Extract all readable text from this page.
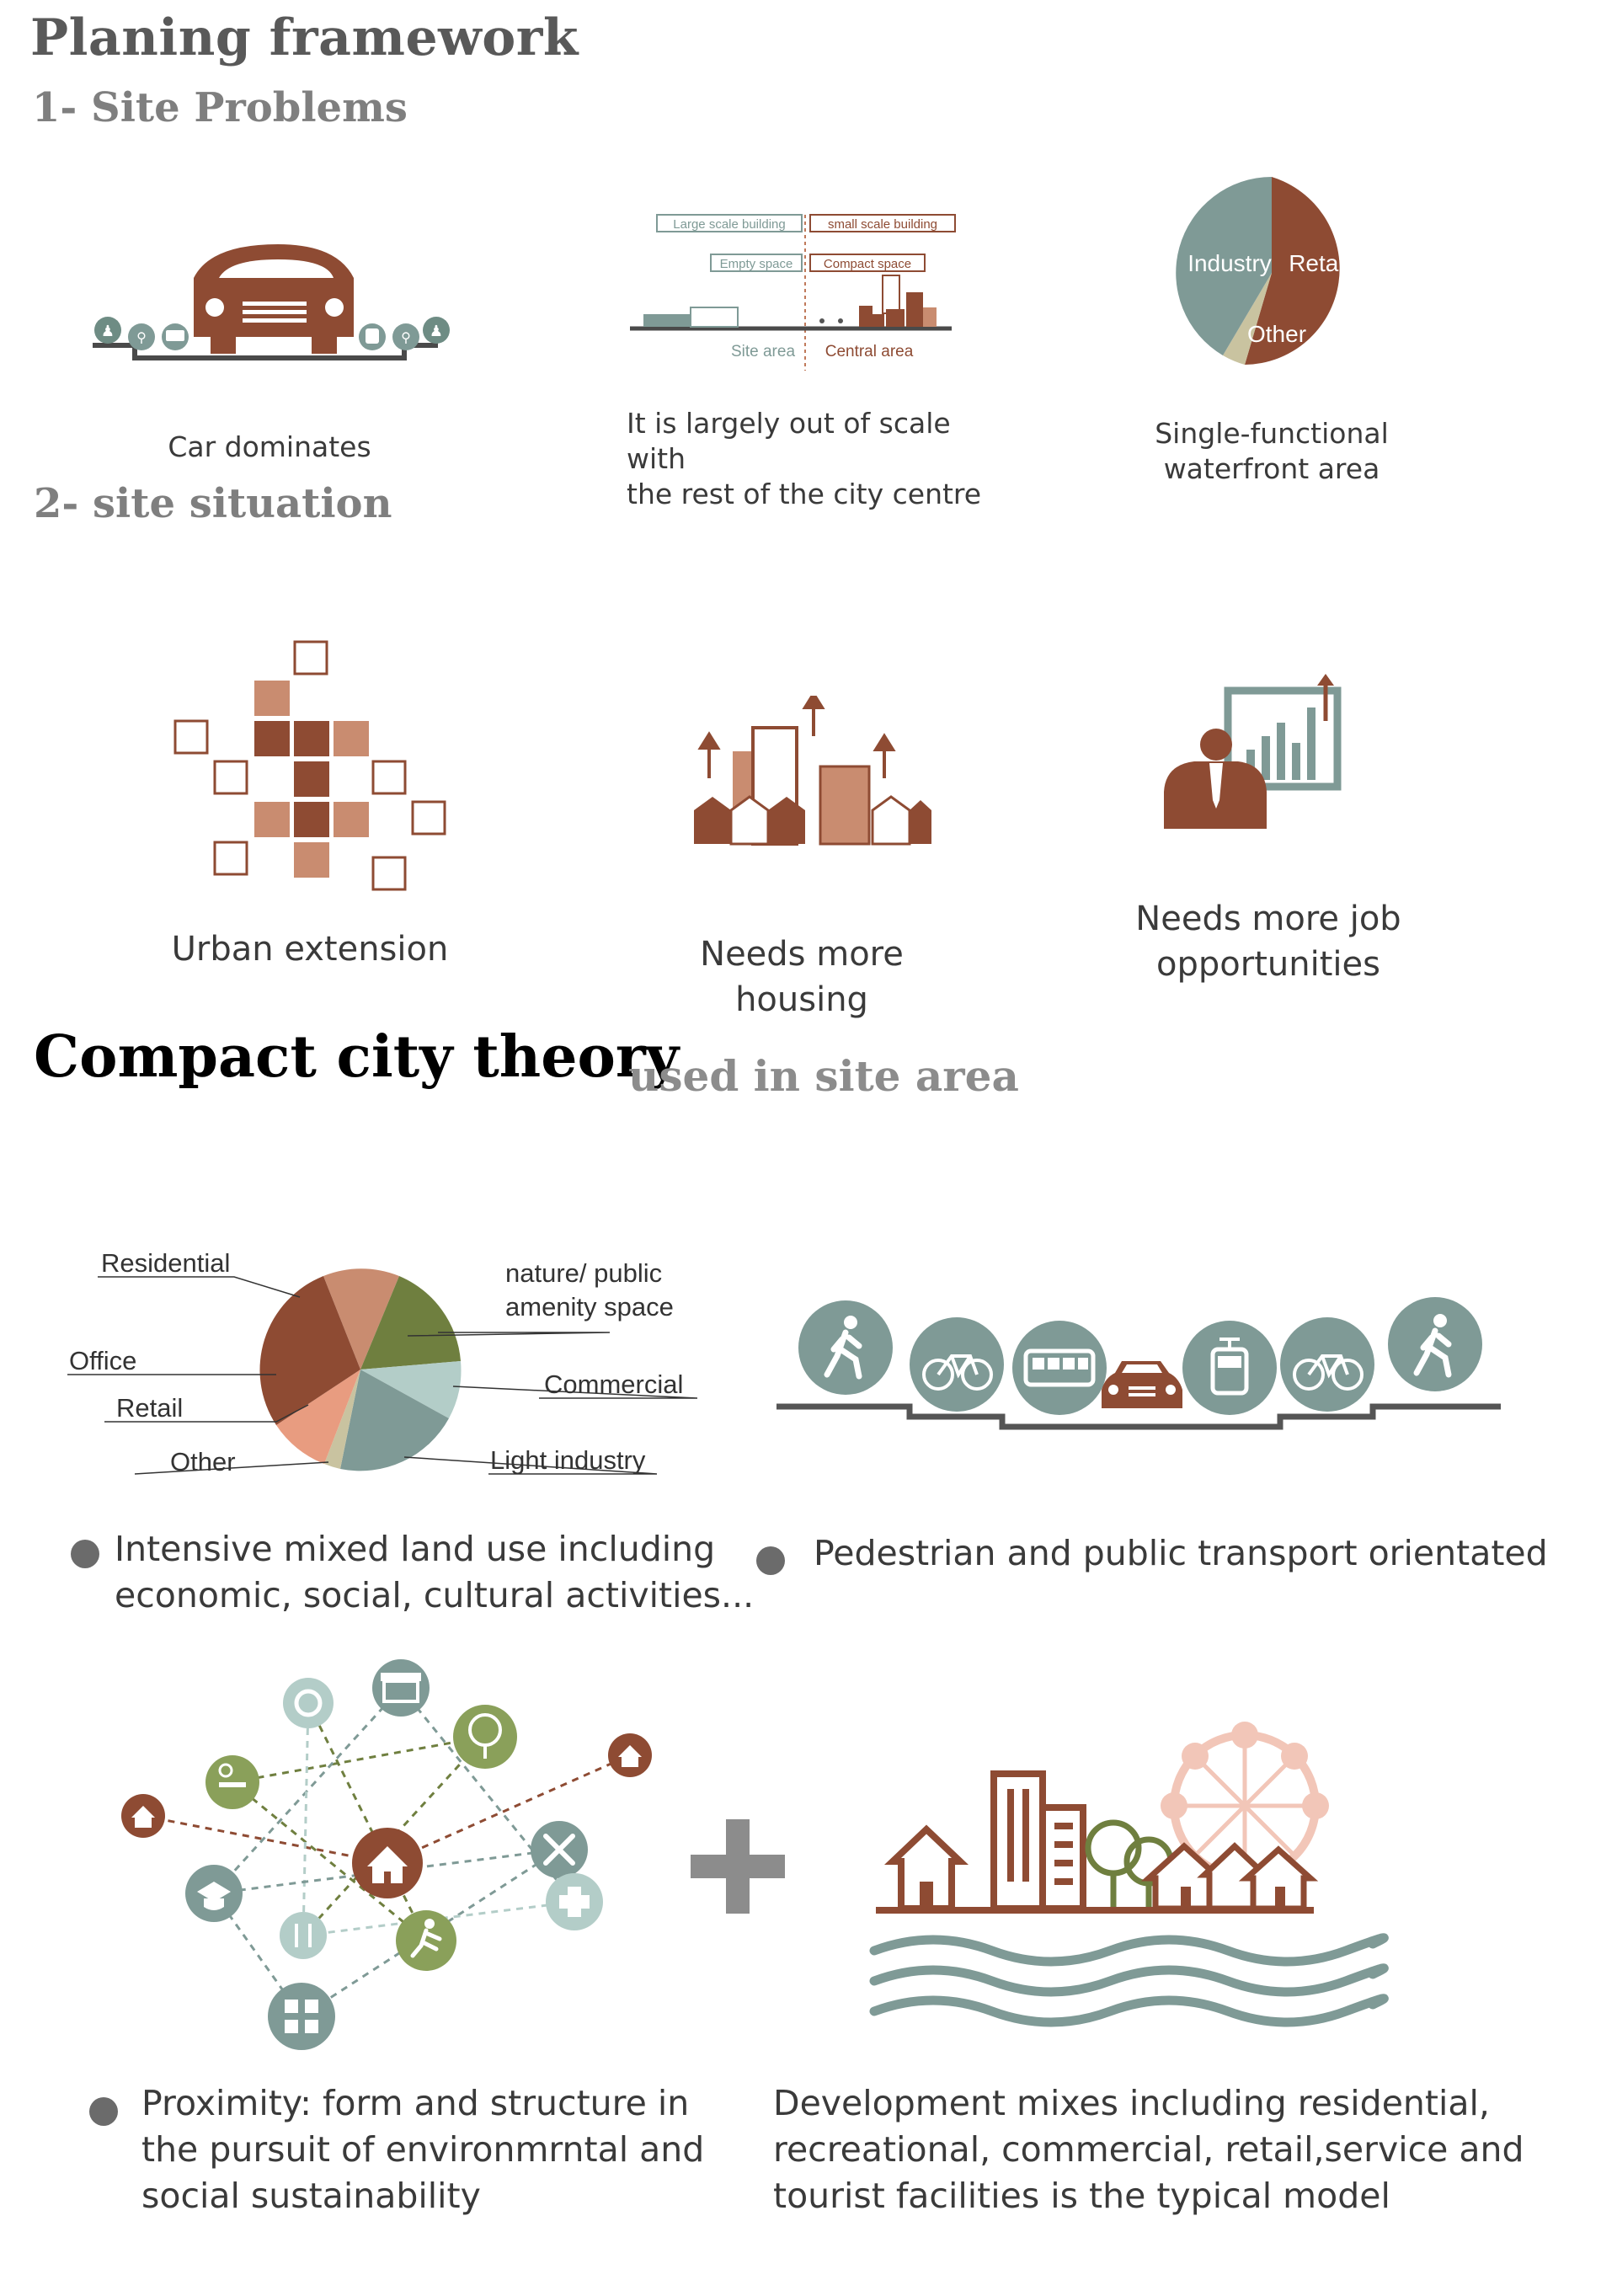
Planing framework
1- Site Problems
2- site situation
♟ ⚲	⚲ ♟
Car dominates
Large scale building	small scale building
Empty space Compact space
Site area Central area
It is largely out of scale with
the rest of the city centre
Industry Retail
Other
Single-functional
waterfront area
Urban extension	Needs more housing
Needs more job
opportunities
Compact city theory
used in site area
Residential
Office
Retail
Other
nature/ public
amenity space
Commercial
Light industry
Intensive mixed land use including
economic, social, cultural activities...
Pedestrian and public transport orientated
Proximity: form and structure in
the pursuit of environmrntal and
social sustainability
Development mixes including residential,
recreational, commercial, retail,service and
tourist facilities is the typical model
